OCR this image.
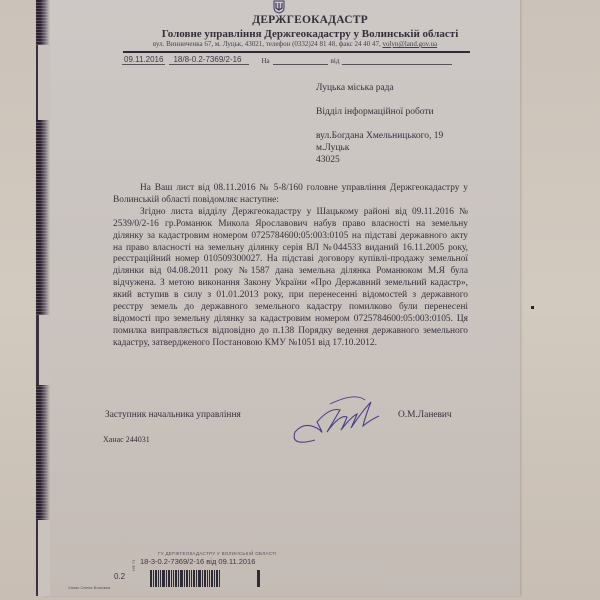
ДЕРЖГЕОКАДАСТР
Головне управління Держгеокадастру у Волинській області
вул. Винниченка 67, м. Луцьк, 43021, телефон (0332)24 81 48, факс 24 40 47, volyn@land.gov.ua
09.11.2016	18/8-0.2-7369/2-16	На	від
Луцька міська рада
Відділ інформаційної роботи
вул.Богдана Хмельницького, 19
м.Луцьк
43025

На Ваш лист від 08.11.2016 № 5-8/160 головне управління Держгеокадастру у Волинській області повідомляє наступне:

Згідно листа відділу Держгеокадастру у Шацькому районі від 09.11.2016 № 2539/0/2-16 гр.Романюк Микола Ярославович набув право власності на земельну ділянку за кадастровим номером 0725784600:05:003:0105 на підставі державного акту на право власності на земельну ділянку серія ВЛ №044533 виданий 16.11.2005 року, реєстраційний номер 010509300027. На підставі договору купівлі-продажу земельної ділянки від 04.08.2011 року №1587 дана земельна ділянка Романюком М.Я була відчужена. З метою виконання Закону України «Про Державний земельний кадастр», який вступив в силу з 01.01.2013 року, при перенесенні відомостей з державного реєстру земель до державного земельного кадастру помилково були перенесені відомості про земельну ділянку за кадастровим номером 0725784600:05:003:0105. Ця помилка виправляється відповідно до п.138 Порядку ведення державного земельного кадастру, затвердженого Постановою КМУ №1051 від 17.10.2012.

Заступник начальника управління	О.М.Ланевич
Ханас 244031
ГУ ДЕРЖГЕОКАДАСТРУ У ВОЛИНСЬКІЙ ОБЛАСТІ
18-3-0.2-7369/2-16 від 09.11.2016
0.2
Ханас Олена Власівна
НФ 71
